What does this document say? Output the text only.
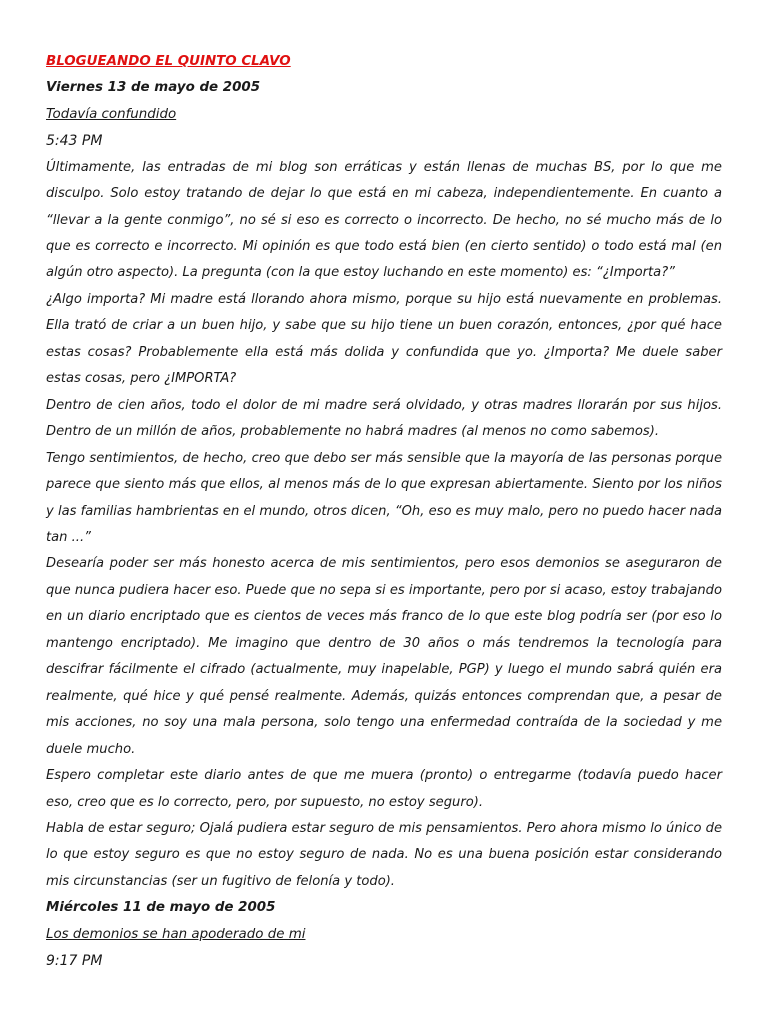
BLOGUEANDO EL QUINTO CLAVO

Viernes 13 de mayo de 2005

Todavía confundido

5:43 PM

Últimamente, las entradas de mi blog son erráticas y están llenas de muchas BS, por lo que me disculpo. Solo estoy tratando de dejar lo que está en mi cabeza, independientemente. En cuanto a “llevar a la gente conmigo”, no sé si eso es correcto o incorrecto. De hecho, no sé mucho más de lo que es correcto e incorrecto. Mi opinión es que todo está bien (en cierto sentido) o todo está mal (en algún otro aspecto). La pregunta (con la que estoy luchando en este momento) es: “¿Importa?”

¿Algo importa? Mi madre está llorando ahora mismo, porque su hijo está nuevamente en problemas. Ella trató de criar a un buen hijo, y sabe que su hijo tiene un buen corazón, entonces, ¿por qué hace estas cosas? Probablemente ella está más dolida y confundida que yo. ¿Importa? Me duele saber estas cosas, pero ¿IMPORTA?

Dentro de cien años, todo el dolor de mi madre será olvidado, y otras madres llorarán por sus hijos. Dentro de un millón de años, probablemente no habrá madres (al menos no como sabemos).

Tengo sentimientos, de hecho, creo que debo ser más sensible que la mayoría de las personas porque parece que siento más que ellos, al menos más de lo que expresan abiertamente. Siento por los niños y las familias hambrientas en el mundo, otros dicen, “Oh, eso es muy malo, pero no puedo hacer nada tan ...”

Desearía poder ser más honesto acerca de mis sentimientos, pero esos demonios se aseguraron de que nunca pudiera hacer eso. Puede que no sepa si es importante, pero por si acaso, estoy trabajando en un diario encriptado que es cientos de veces más franco de lo que este blog podría ser (por eso lo mantengo encriptado). Me imagino que dentro de 30 años o más tendremos la tecnología para descifrar fácilmente el cifrado (actualmente, muy inapelable, PGP) y luego el mundo sabrá quién era realmente, qué hice y qué pensé realmente. Además, quizás entonces comprendan que, a pesar de mis acciones, no soy una mala persona, solo tengo una enfermedad contraída de la sociedad y me duele mucho.

Espero completar este diario antes de que me muera (pronto) o entregarme (todavía puedo hacer eso, creo que es lo correcto, pero, por supuesto, no estoy seguro).

Habla de estar seguro; Ojalá pudiera estar seguro de mis pensamientos. Pero ahora mismo lo único de lo que estoy seguro es que no estoy seguro de nada. No es una buena posición estar considerando mis circunstancias (ser un fugitivo de felonía y todo).

Miércoles 11 de mayo de 2005

Los demonios se han apoderado de mi

9:17 PM
